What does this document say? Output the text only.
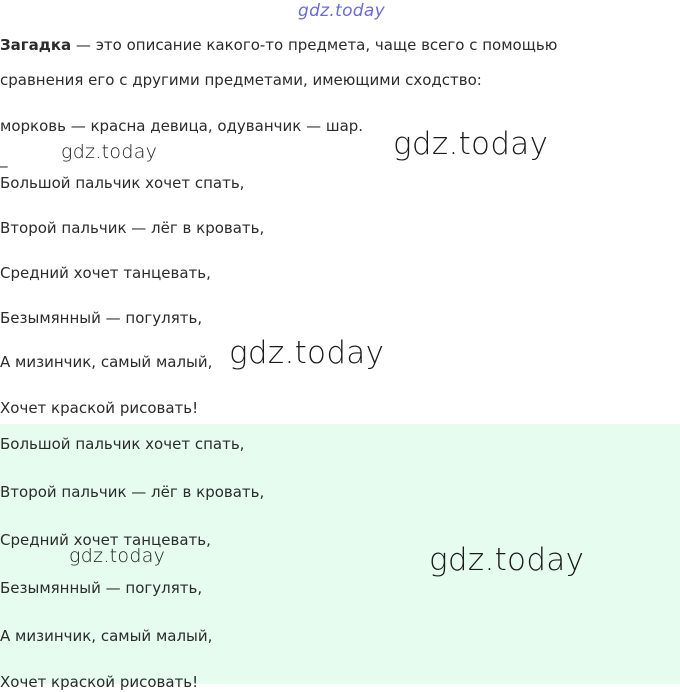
gdz.today
Загадка — это описание какого-то предмета, чаще всего с помощью
сравнения его с другими предметами, имеющими сходство:
морковь — красна девица, одуванчик — шар.
_
Большой пальчик хочет спать,
Второй пальчик — лёг в кровать,
Средний хочет танцевать,
Безымянный — погулять,
А мизинчик, самый малый,
Хочет краской рисовать!
Большой пальчик хочет спать,
Второй пальчик — лёг в кровать,
Средний хочет танцевать,
Безымянный — погулять,
А мизинчик, самый малый,
Хочет краской рисовать!
gdz.today	gdz.today
gdz.today
gdz.today	gdz.today
